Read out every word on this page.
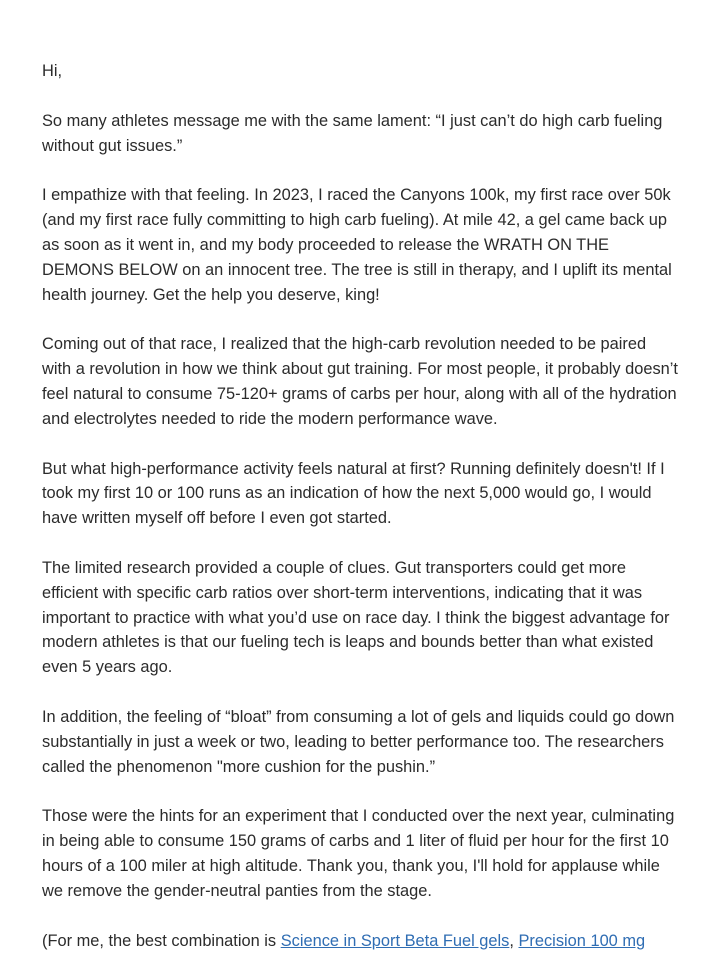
Hi,

So many athletes message me with the same lament: “I just can’t do high carb fueling
without gut issues.”

I empathize with that feeling. In 2023, I raced the Canyons 100k, my first race over 50k
(and my first race fully committing to high carb fueling). At mile 42, a gel came back up
as soon as it went in, and my body proceeded to release the WRATH ON THE
DEMONS BELOW on an innocent tree. The tree is still in therapy, and I uplift its mental
health journey. Get the help you deserve, king!

Coming out of that race, I realized that the high-carb revolution needed to be paired
with a revolution in how we think about gut training. For most people, it probably doesn’t
feel natural to consume 75-120+ grams of carbs per hour, along with all of the hydration
and electrolytes needed to ride the modern performance wave.

But what high-performance activity feels natural at first? Running definitely doesn't! If I
took my first 10 or 100 runs as an indication of how the next 5,000 would go, I would
have written myself off before I even got started.

The limited research provided a couple of clues. Gut transporters could get more
efficient with specific carb ratios over short-term interventions, indicating that it was
important to practice with what you’d use on race day. I think the biggest advantage for
modern athletes is that our fueling tech is leaps and bounds better than what existed
even 5 years ago.

In addition, the feeling of “bloat” from consuming a lot of gels and liquids could go down
substantially in just a week or two, leading to better performance too. The researchers
called the phenomenon "more cushion for the pushin.”

Those were the hints for an experiment that I conducted over the next year, culminating
in being able to consume 150 grams of carbs and 1 liter of fluid per hour for the first 10
hours of a 100 miler at high altitude. Thank you, thank you, I'll hold for applause while
we remove the gender-neutral panties from the stage.

(For me, the best combination is Science in Sport Beta Fuel gels, Precision 100 mg
